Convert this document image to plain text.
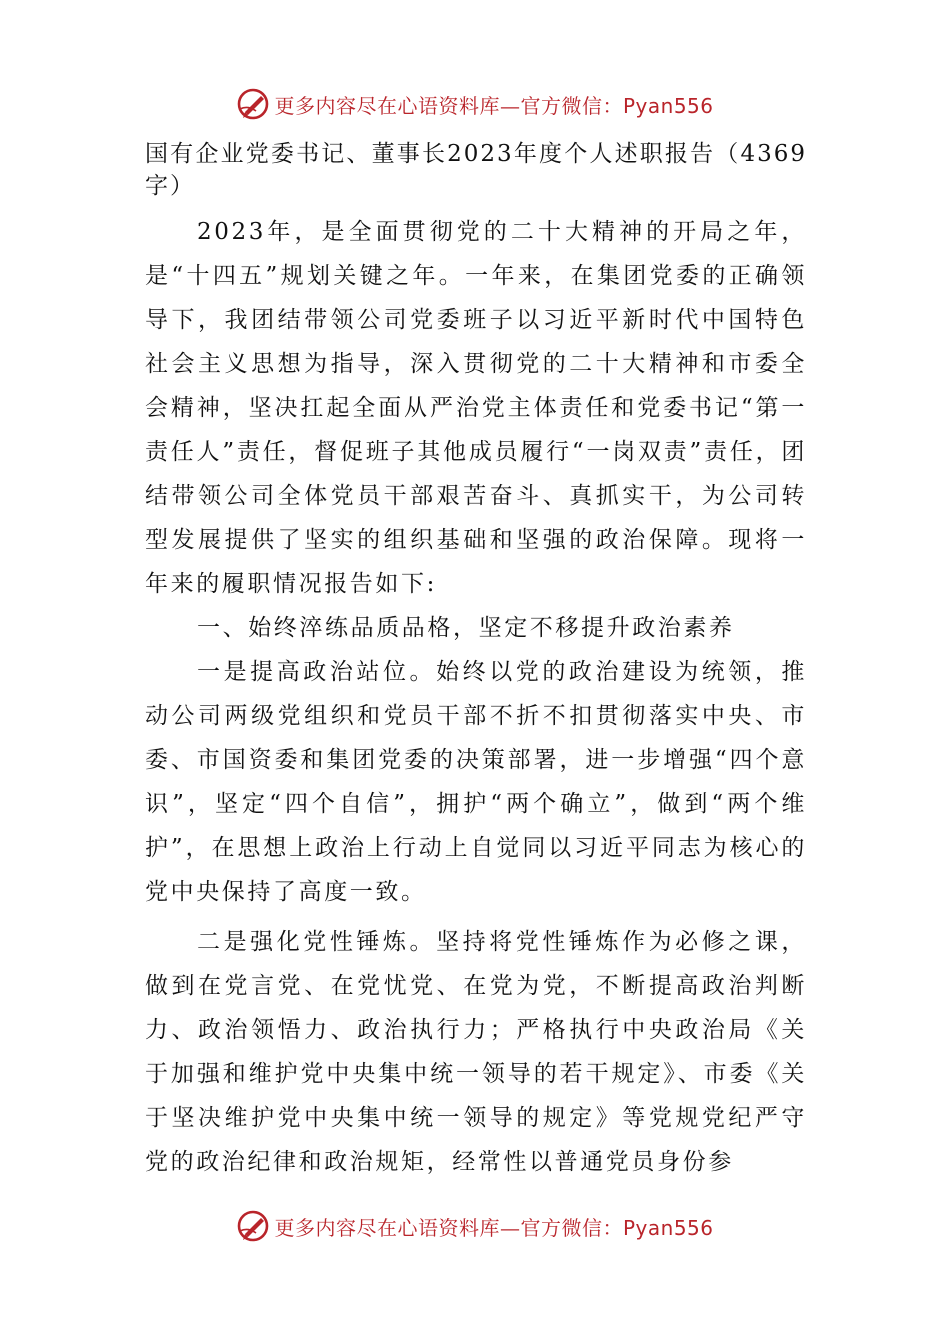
更多内容尽在心语资料库—官方微信：Pyan556

国有企业党委书记、董事长2023年度个人述职报告（4369字）

2023年，是全面贯彻党的二十大精神的开局之年，是“十四五”规划关键之年。一年来，在集团党委的正确领导下，我团结带领公司党委班子以习近平新时代中国特色社会主义思想为指导，深入贯彻党的二十大精神和市委全会精神，坚决扛起全面从严治党主体责任和党委书记“第一责任人”责任，督促班子其他成员履行“一岗双责”责任，团结带领公司全体党员干部艰苦奋斗、真抓实干，为公司转型发展提供了坚实的组织基础和坚强的政治保障。现将一年来的履职情况报告如下:

一、始终淬练品质品格，坚定不移提升政治素养

一是提高政治站位。始终以党的政治建设为统领，推动公司两级党组织和党员干部不折不扣贯彻落实中央、市委、市国资委和集团党委的决策部署，进一步增强“四个意识”，坚定“四个自信”，拥护“两个确立”，做到“两个维护”，在思想上政治上行动上自觉同以习近平同志为核心的党中央保持了高度一致。

二是强化党性锤炼。坚持将党性锤炼作为必修之课，做到在党言党、在党忧党、在党为党，不断提高政治判断力、政治领悟力、政治执行力；严格执行中央政治局《关于加强和维护党中央集中统一领导的若干规定》、市委《关于坚决维护党中央集中统一领导的规定》等党规党纪严守党的政治纪律和政治规矩，经常性以普通党员身份参

更多内容尽在心语资料库—官方微信：Pyan556
